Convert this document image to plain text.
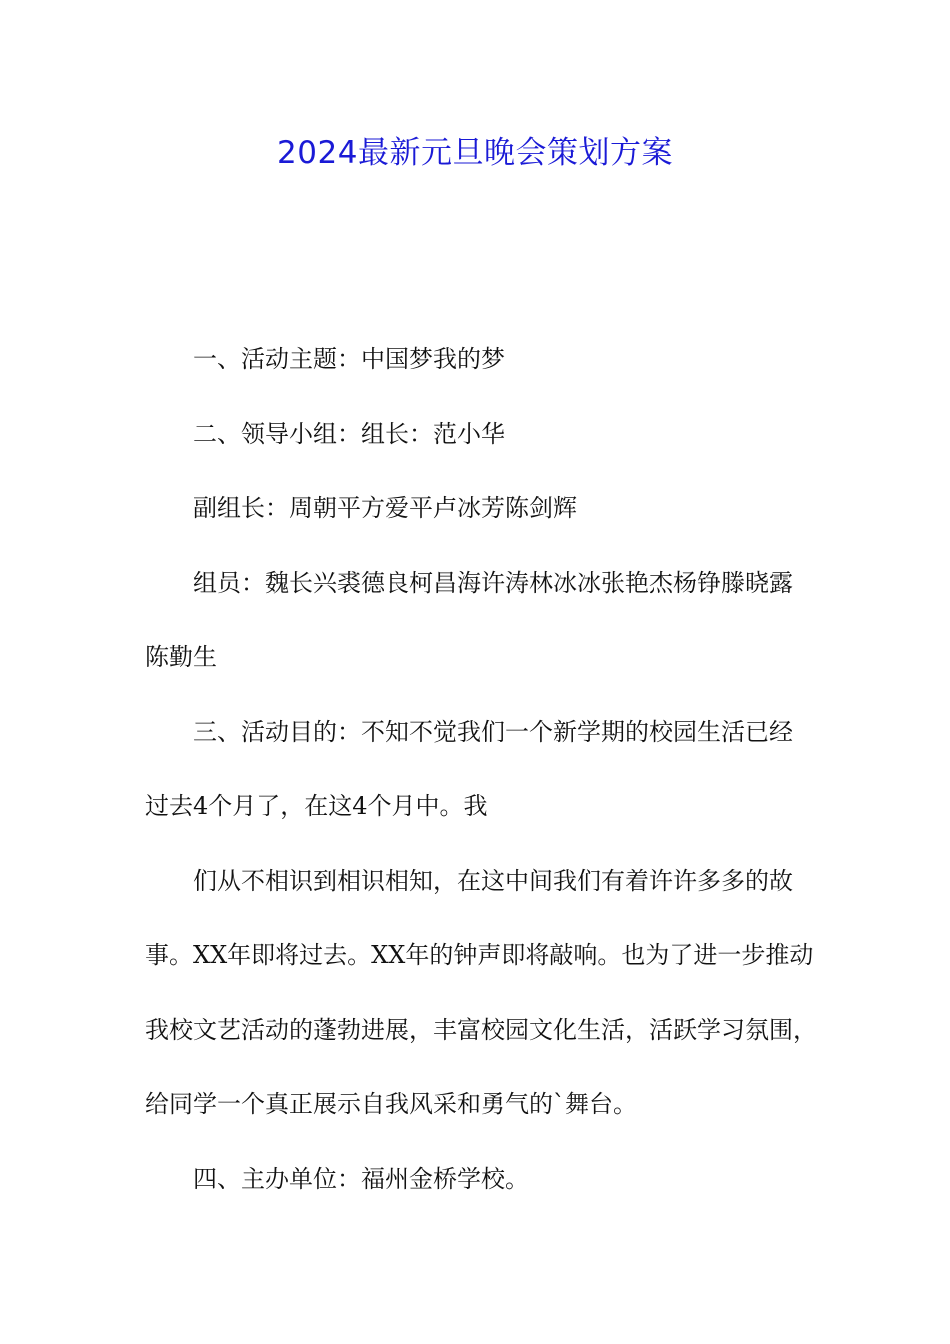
2024最新元旦晚会策划方案
一、活动主题：中国梦我的梦
二、领导小组：组长：范小华
副组长：周朝平方爱平卢冰芳陈剑辉
组员：魏长兴裘德良柯昌海许涛林冰冰张艳杰杨铮滕晓露
陈勤生
三、活动目的：不知不觉我们一个新学期的校园生活已经
过去4个月了，在这4个月中。我
们从不相识到相识相知，在这中间我们有着许许多多的故
事。XX年即将过去。XX年的钟声即将敲响。也为了进一步推动
我校文艺活动的蓬勃进展，丰富校园文化生活，活跃学习氛围，
给同学一个真正展示自我风采和勇气的`舞台。
四、主办单位：福州金桥学校。
